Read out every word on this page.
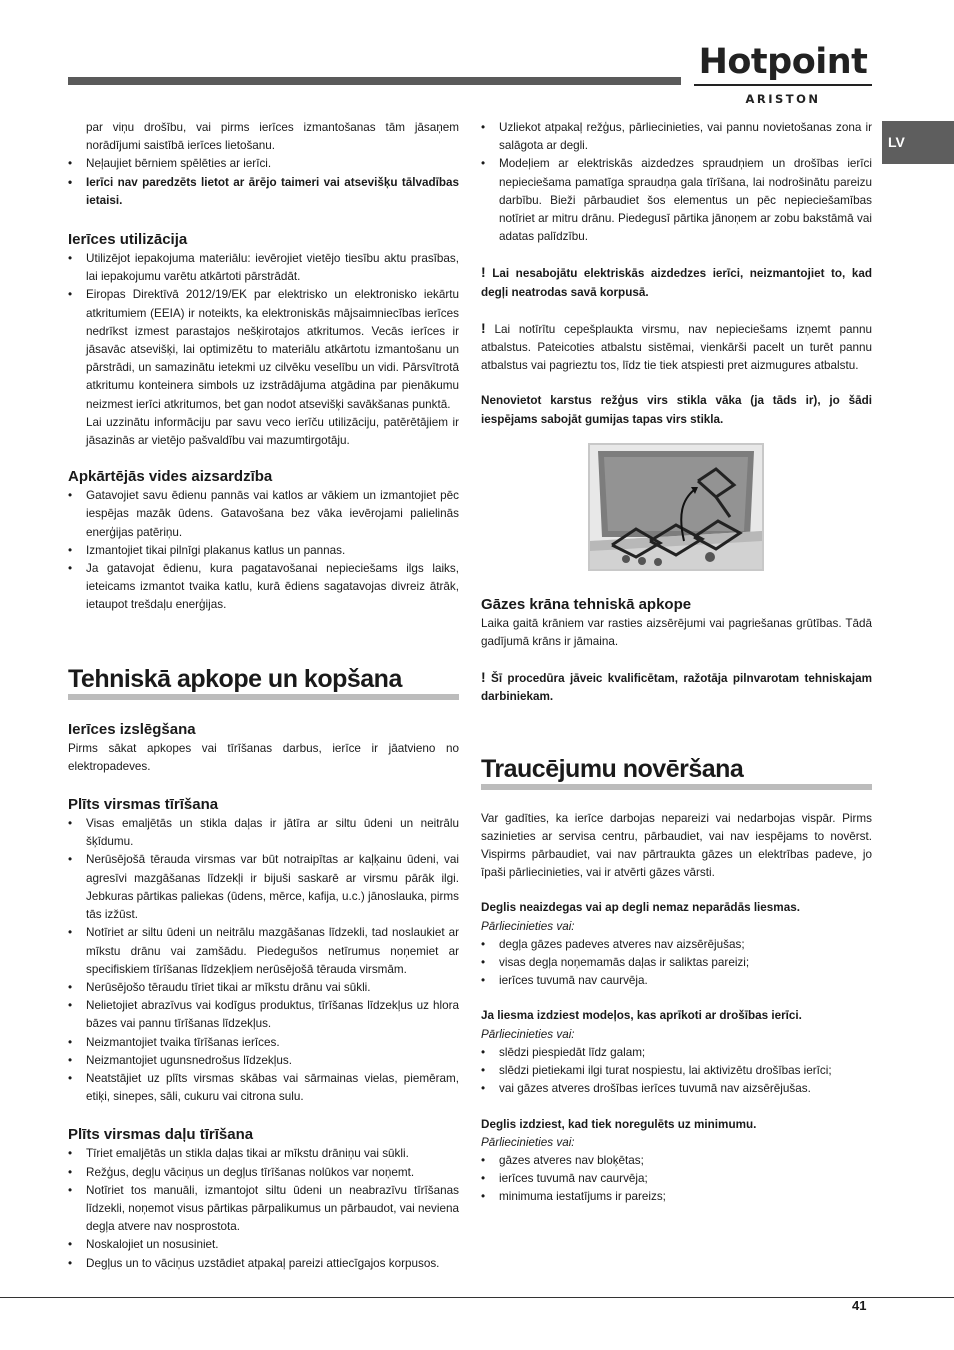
Hotpoint
ARISTON
LV

par viņu drošību, vai pirms ierīces izmantošanas tām jāsaņem norādījumi saistībā ierīces lietošanu.

• Neļaujiet bērniem spēlēties ar ierīci.
• Ierīci nav paredzēts lietot ar ārējo taimeri vai atsevišķu tālvadības ietaisi.
Ierīces utilizācija
• Utilizējot iepakojuma materiālu: ievērojiet vietējo tiesību aktu prasības, lai iepakojumu varētu atkārtoti pārstrādāt.
• Eiropas Direktīvā 2012/19/EK par elektrisko un elektronisko iekārtu atkritumiem (EEIA) ir noteikts, ka elektroniskās mājsaimniecības ierīces nedrīkst izmest parastajos nešķirotajos atkritumos. Vecās ierīces ir jāsavāc atsevišķi, lai optimizētu to materiālu atkārtotu izmantošanu un pārstrādi, un samazinātu ietekmi uz cilvēku veselību un vidi. Pārsvītrotā atkritumu konteinera simbols uz izstrādājuma atgādina par pienākumu neizmest ierīci atkritumos, bet gan nodot atsevišķi savākšanas punktā.

Lai uzzinātu informāciju par savu veco ierīču utilizāciju, patērētājiem ir jāsazinās ar vietējo pašvaldību vai mazumtirgotāju.

Apkārtējās vides aizsardzība
• Gatavojiet savu ēdienu pannās vai katlos ar vākiem un izmantojiet pēc iespējas mazāk ūdens. Gatavošana bez vāka ievērojami palielinās enerģijas patēriņu.
• Izmantojiet tikai pilnīgi plakanus katlus un pannas.
• Ja gatavojat ēdienu, kura pagatavošanai nepieciešams ilgs laiks, ieteicams izmantot tvaika katlu, kurā ēdiens sagatavojas divreiz ātrāk, ietaupot trešdaļu enerģijas.
Tehniskā apkope un kopšana
Ierīces izslēgšana

Pirms sākat apkopes vai tīrīšanas darbus, ierīce ir jāatvieno no elektropadeves.

Plīts virsmas tīrīšana
• Visas emaljētās un stikla daļas ir jātīra ar siltu ūdeni un neitrālu šķīdumu.
• Nerūsējošā tērauda virsmas var būt notraipītas ar kaļķainu ūdeni, vai agresīvi mazgāšanas līdzekļi ir bijuši saskarē ar virsmu pārāk ilgi. Jebkuras pārtikas paliekas (ūdens, mērce, kafija, u.c.) jānoslauka, pirms tās izžūst.
• Notīriet ar siltu ūdeni un neitrālu mazgāšanas līdzekli, tad noslaukiet ar mīkstu drānu vai zamšādu. Piedegušos netīrumus noņemiet ar specifiskiem tīrīšanas līdzekļiem nerūsējošā tērauda virsmām.
• Nerūsējošo tēraudu tīriet tikai ar mīkstu drānu vai sūkli.
• Nelietojiet abrazīvus vai kodīgus produktus, tīrīšanas līdzekļus uz hlora bāzes vai pannu tīrīšanas līdzekļus.
• Neizmantojiet tvaika tīrīšanas ierīces.
• Neizmantojiet ugunsnedrošus līdzekļus.
• Neatstājiet uz plīts virsmas skābas vai sārmainas vielas, piemēram, etiķi, sinepes, sāli, cukuru vai citrona sulu.
Plīts virsmas daļu tīrīšana
• Tīriet emaljētās un stikla daļas tikai ar mīkstu drāniņu vai sūkli.
• Režģus, degļu vāciņus un degļus tīrīšanas nolūkos var noņemt.
• Notīriet tos manuāli, izmantojot siltu ūdeni un neabrazīvu tīrīšanas līdzekli, noņemot visus pārtikas pārpalikumus un pārbaudot, vai neviena degļa atvere nav nosprostota.
• Noskalojiet un nosusiniet.
• Degļus un to vāciņus uzstādiet atpakaļ pareizi attiecīgajos korpusos.
• Uzliekot atpakaļ režģus, pārliecinieties, vai pannu novietošanas zona ir salāgota ar degli.
• Modeļiem ar elektriskās aizdedzes spraudņiem un drošības ierīci nepieciešama pamatīga spraudņa gala tīrīšana, lai nodrošinātu pareizu darbību. Bieži pārbaudiet šos elementus un pēc nepieciešamības notīriet ar mitru drānu. Piedegusī pārtika jānoņem ar zobu bakstāmā vai adatas palīdzību.

! Lai nesabojātu elektriskās aizdedzes ierīci, neizmantojiet to, kad degļi neatrodas savā korpusā.

! Lai notīrītu cepešplaukta virsmu, nav nepieciešams izņemt pannu atbalstus. Pateicoties atbalstu sistēmai, vienkārši pacelt un turēt pannu atbalstus vai pagrieztu tos, līdz tie tiek atspiesti pret aizmugures atbalstu.

Nenovietot karstus režģus virs stikla vāka (ja tāds ir), jo šādi iespējams sabojāt gumijas tapas virs stikla.

Gāzes krāna tehniskā apkope

Laika gaitā krāniem var rasties aizsērējumi vai pagriešanas grūtības. Tādā gadījumā krāns ir jāmaina.

! Šī procedūra jāveic kvalificētam, ražotāja pilnvarotam tehniskajam darbiniekam.

Traucējumu novēršana

Var gadīties, ka ierīce darbojas nepareizi vai nedarbojas vispār. Pirms sazinieties ar servisa centru, pārbaudiet, vai nav iespējams to novērst. Vispirms pārbaudiet, vai nav pārtraukta gāzes un elektrības padeve, jo īpaši pārliecinieties, vai ir atvērti gāzes vārsti.

Deglis neaizdegas vai ap degli nemaz neparādās liesmas.

Pārliecinieties vai:

• degļa gāzes padeves atveres nav aizsērējušas;
• visas degļa noņemamās daļas ir saliktas pareizi;
• ierīces tuvumā nav caurvēja.

Ja liesma izdziest modeļos, kas aprīkoti ar drošības ierīci.

Pārliecinieties vai:

• slēdzi piespiedāt līdz galam;
• slēdzi pietiekami ilgi turat nospiestu, lai aktivizētu drošības ierīci;
• vai gāzes atveres drošības ierīces tuvumā nav aizsērējušas.

Deglis izdziest, kad tiek noregulēts uz minimumu.

Pārliecinieties vai:

• gāzes atveres nav bloķētas;
• ierīces tuvumā nav caurvēja;
• minimuma iestatījums ir pareizs;
41
